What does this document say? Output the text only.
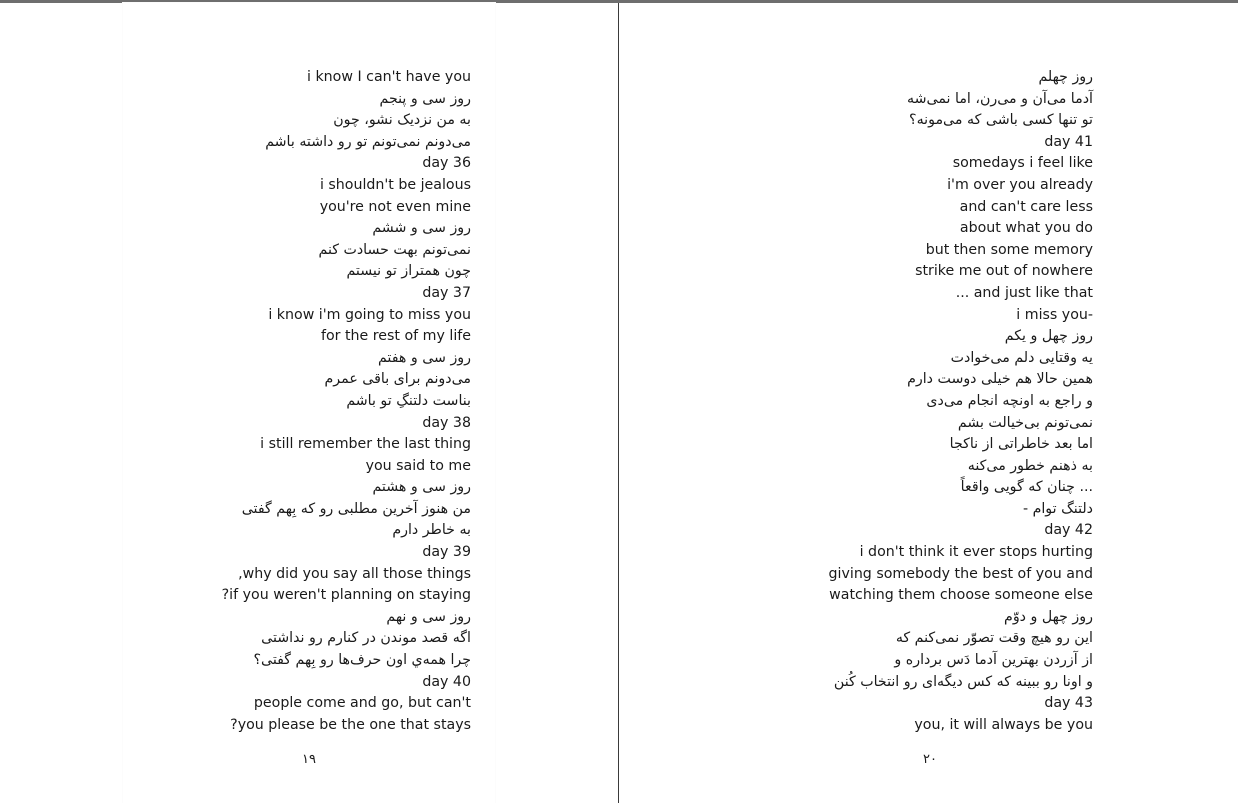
i know I can't have you
روز سی و پنجم
به من نزدیک نشو، چون
می‌دونم نمی‌تونم تو رو داشته باشم
day 36
i shouldn't be jealous
you're not even mine
روز سی و ششم
نمی‌تونم بهت حسادت کنم
چون همتراز تو نیستم
day 37
i know i'm going to miss you
for the rest of my life
روز سی و هفتم
می‌دونم برای باقی عمرم
بناست دلتنگِ تو باشم
day 38
i still remember the last thing
you said to me
روز سی و هشتم
من هنوز آخرین مطلبی رو که بِهم گفتی
به خاطر دارم
day 39
,why did you say all those things
?if you weren't planning on staying
روز سی و نهم
اگه قصد موندن در کنارم رو نداشتی
چرا همه‌ي اون حرف‌ها رو بِهم گفتی؟
day 40
people come and go, but can't
?you please be the one that stays
روز چهلم
آدما می‌آن و می‌رن، اما نمی‌شه
تو تنها کسی باشی که می‌مونه؟
day 41
somedays i feel like
i'm over you already
and can't care less
about what you do
but then some memory
strike me out of nowhere
... and just like that
i miss you-
روز چهل و یکم
یه وقتایی دلم می‌خوادت
همین حالا هم خیلی دوست دارم
و راجع به اونچه انجام می‌دی
نمی‌تونم بی‌خیالت بشم
اما بعد خاطراتی از ناکجا
به ذهنم خطور می‌کنه
چنان که گویی واقعاً ...
- دلتنگ توام
day 42
i don't think it ever stops hurting
giving somebody the best of you and
watching them choose someone else
روز چهل و دوّم
این رو هیچ وقت تصوّر نمی‌کنم که
از آزردن بهترین آدما دَس برداره و
و اونا رو ببینه که کس دیگه‌ای رو انتخاب کُنن
day 43
you, it will always be you
۱۹	۲۰
